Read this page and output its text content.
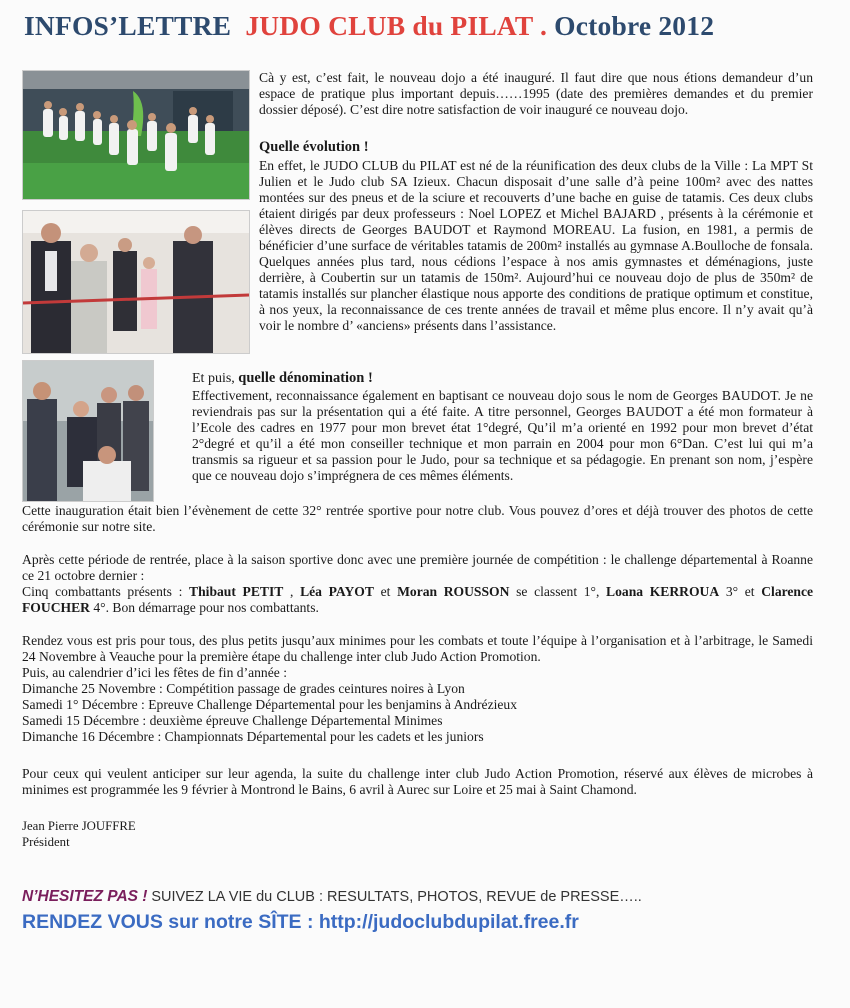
INFOS’LETTRE JUDO CLUB du PILAT . Octobre 2012

Cà y est, c’est fait, le nouveau dojo a été inauguré. Il faut dire que nous étions demandeur d’un espace de pratique plus important depuis……1995 (date des premières demandes et du premier dossier déposé). C’est dire notre satisfaction de voir inauguré ce nouveau dojo.

Quelle évolution !

En effet, le JUDO CLUB du PILAT est né de la réunification des deux clubs de la Ville : La MPT St Julien et le Judo club SA Izieux. Chacun disposait d’une salle d’à peine 100m² avec des nattes montées sur des pneus et de la sciure et recouverts d’une bache en guise de tatamis. Ces deux clubs étaient dirigés par deux professeurs : Noel LOPEZ et Michel BAJARD , présents à la cérémonie et élèves directs de Georges BAUDOT et Raymond MOREAU. La fusion, en 1981, a permis de bénéficier d’une surface de véritables tatamis de 200m² installés au gymnase A.Boulloche de fonsala. Quelques années plus tard, nous cédions l’espace à nos amis gymnastes et déménagions, juste derrière, à Coubertin sur un tatamis de 150m². Aujourd’hui ce nouveau dojo de plus de 350m² de tatamis installés sur plancher élastique nous apporte des conditions de pratique optimum et constitue, à nos yeux, la reconnaissance de ces trente années de travail et même plus encore. Il n’y avait qu’à voir le nombre d’ «anciens» présents dans l’assistance.

Et puis, quelle dénomination !

Effectivement, reconnaissance également en baptisant ce nouveau dojo sous le nom de Georges BAUDOT. Je ne reviendrais pas sur la présentation qui a été faite. A titre personnel, Georges BAUDOT a été mon formateur à l’Ecole des cadres en 1977 pour mon brevet état 1°degré, Qu’il m’a orienté en 1992 pour mon brevet d’état 2°degré et qu’il a été mon conseiller technique et mon parrain en 2004 pour mon 6°Dan. C’est lui qui m’a transmis sa rigueur et sa passion pour le Judo, pour sa technique et sa pédagogie. En prenant son nom, j’espère que ce nouveau dojo s’imprégnera de ces mêmes éléments.

Cette inauguration était bien l’évènement de cette 32° rentrée sportive pour notre club. Vous pouvez d’ores et déjà trouver des photos de cette cérémonie sur notre site.

Après cette période de rentrée, place à la saison sportive donc avec une première journée de compétition : le challenge départemental à Roanne ce 21 octobre dernier :

Cinq combattants présents : Thibaut PETIT , Léa PAYOT et Moran ROUSSON se classent 1°, Loana KERROUA 3° et Clarence FOUCHER 4°. Bon démarrage pour nos combattants.

Rendez vous est pris pour tous, des plus petits jusqu’aux minimes pour les combats et toute l’équipe à l’organisation et à l’arbitrage, le Samedi 24 Novembre à Veauche pour la première étape du challenge inter club Judo Action Promotion.

Puis, au calendrier d’ici les fêtes de fin d’année :
Dimanche 25 Novembre : Compétition passage de grades ceintures noires à Lyon
Samedi 1° Décembre : Epreuve Challenge Départemental pour les benjamins à Andrézieux
Samedi 15 Décembre : deuxième épreuve Challenge Départemental Minimes
Dimanche 16 Décembre : Championnats Départemental pour les cadets et les juniors

Pour ceux qui veulent anticiper sur leur agenda, la suite du challenge inter club Judo Action Promotion, réservé aux élèves de microbes à minimes est programmée les 9 février à Montrond le Bains, 6 avril à Aurec sur Loire et 25 mai à Saint Chamond.

Jean Pierre JOUFFRE
Président

N’HESITEZ PAS ! SUIVEZ LA VIE du CLUB : RESULTATS, PHOTOS, REVUE de PRESSE…..

RENDEZ VOUS sur notre SÎTE : http://judoclubdupilat.free.fr
